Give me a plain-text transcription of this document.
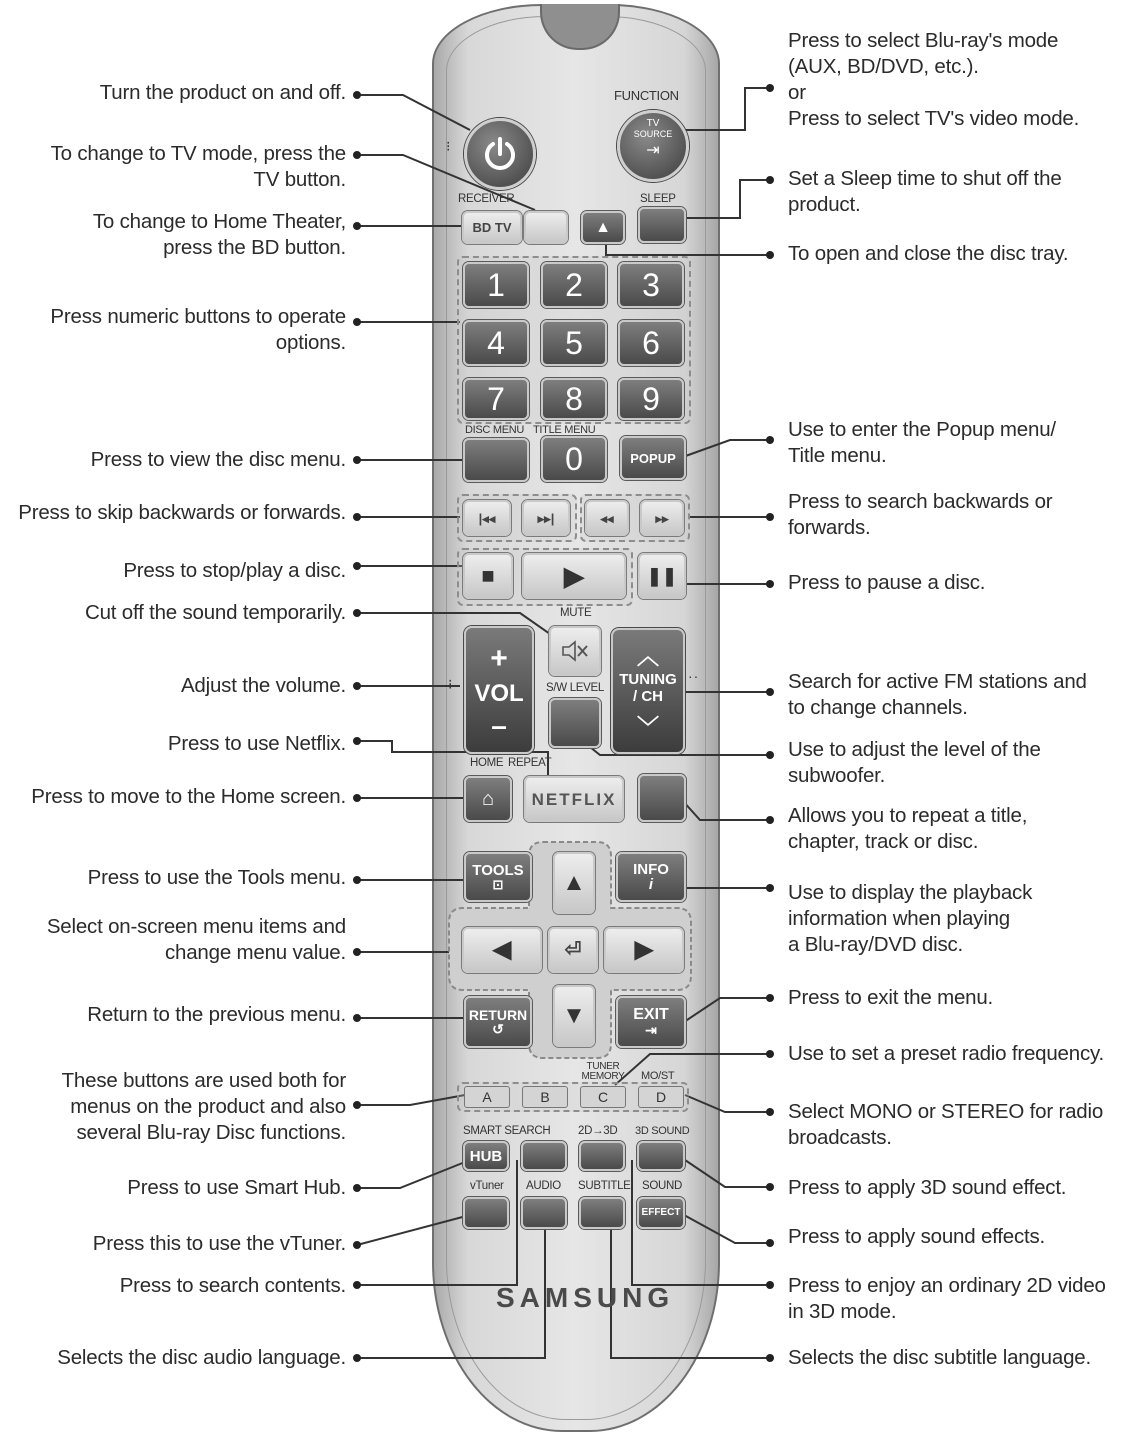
⁝
FUNCTION
TV
SOURCE
⇥
RECEIVER	SLEEP
BD TV	▲
1	2	3
4	5	6
7	8	9
DISC MENU TITLE MENU
0	POPUP
|◂◂	▸▸|	◂◂	▸▸
■	▶	❚❚
MUTE
+
VOL
–
⁝	S/W LEVEL
︿
TUNING
/ CH
﹀
··
HOME REPEAT
⌂	NETFLIX
TOOLS
⊡
INFO
i
▲
◀	⏎ ▶
▼
RETURN
↺
EXIT
⇥
TUNER MEMORY	MO/ST
A	B	C	D
SMART SEARCH 2D→3D 3D SOUND
HUB
vTuner AUDIO SUBTITLE SOUND
EFFECT
SAMSUNG
Turn the product on and off.
To change to TV mode, press the
TV button.
To change to Home Theater,
press the BD button.
Press numeric buttons to operate
options.
Press to view the disc menu.
Press to skip backwards or forwards.
Press to stop/play a disc.
Cut off the sound temporarily.
Adjust the volume.
Press to use Netflix.
Press to move to the Home screen.
Press to use the Tools menu.
Select on-screen menu items and
change menu value.
Return to the previous menu.
These buttons are used both for
menus on the product and also
several Blu-ray Disc functions.
Press to use Smart Hub.
Press this to use the vTuner.
Press to search contents.
Selects the disc audio language.
Press to select Blu-ray's mode
(AUX, BD/DVD, etc.).
or
Press to select TV's video mode.
Set a Sleep time to shut off the
product.
To open and close the disc tray.
Use to enter the Popup menu/
Title menu.
Press to search backwards or
forwards.
Press to pause a disc.
Search for active FM stations and
to change channels.
Use to adjust the level of the
subwoofer.
Allows you to repeat a title,
chapter, track or disc.
Use to display the playback
information when playing
a Blu-ray/DVD disc.
Press to exit the menu.
Use to set a preset radio frequency.
Select MONO or STEREO for radio
broadcasts.
Press to apply 3D sound effect.
Press to apply sound effects.
Press to enjoy an ordinary 2D video
in 3D mode.
Selects the disc subtitle language.
